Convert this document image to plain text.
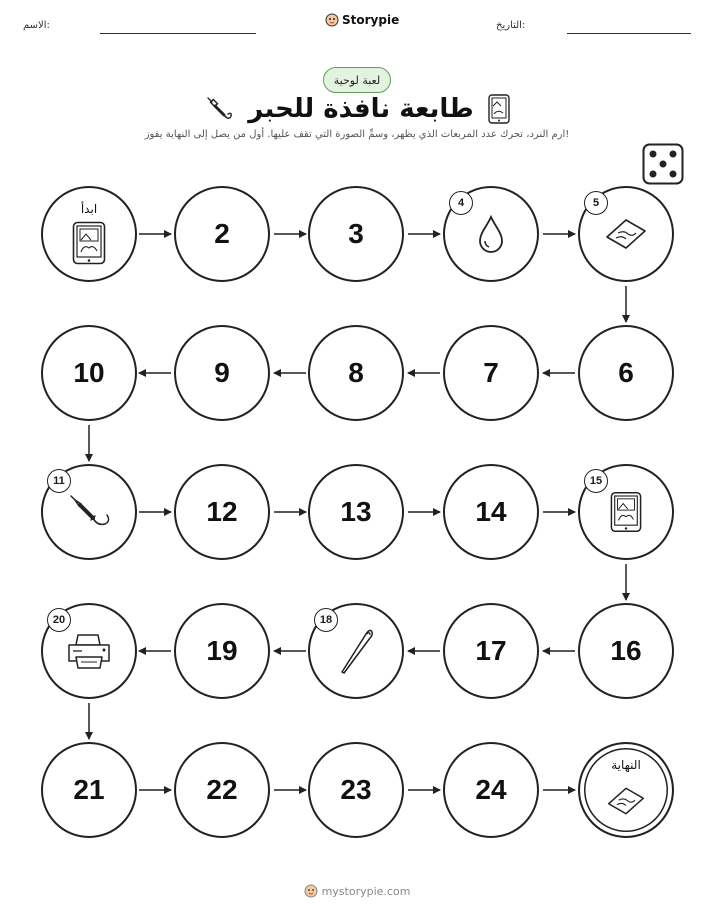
الاسم:	التاريخ:
Storypie
لعبة لوحية
طابعة نافذة للحبر
ارم النرد، تحرك عدد المربعات الذي يظهر، وسمِّ الصورة التي تقف عليها. أول من يصل إلى النهاية يفوز!
ابدأ
2	3
4	5
10	9	8	7	6
11
12	13	14
15
20
19
18
17	16
21	22	23	24
النهاية
mystorypie.com
